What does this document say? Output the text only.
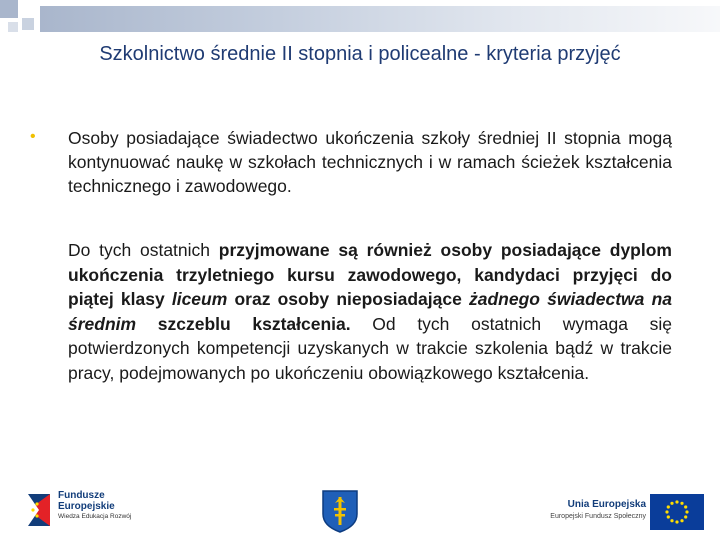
Szkolnictwo średnie II stopnia i policealne - kryteria przyjęć
• Osoby posiadające świadectwo ukończenia szkoły średniej II stopnia mogą kontynuować naukę w szkołach technicznych i w ramach ścieżek kształcenia technicznego i zawodowego.

Do tych ostatnich przyjmowane są również osoby posiadające dyplom ukończenia trzyletniego kursu zawodowego, kandydaci przyjęci do piątej klasy liceum oraz osoby nieposiadające żadnego świadectwa na średnim szczeblu kształcenia. Od tych ostatnich wymaga się potwierdzonych kompetencji uzyskanych w trakcie szkolenia bądź w trakcie pracy, podejmowanych po ukończeniu obowiązkowego kształcenia.

Fundusze
Europejskie
Wiedza Edukacja Rozwój
Unia Europejska
Europejski Fundusz Społeczny
